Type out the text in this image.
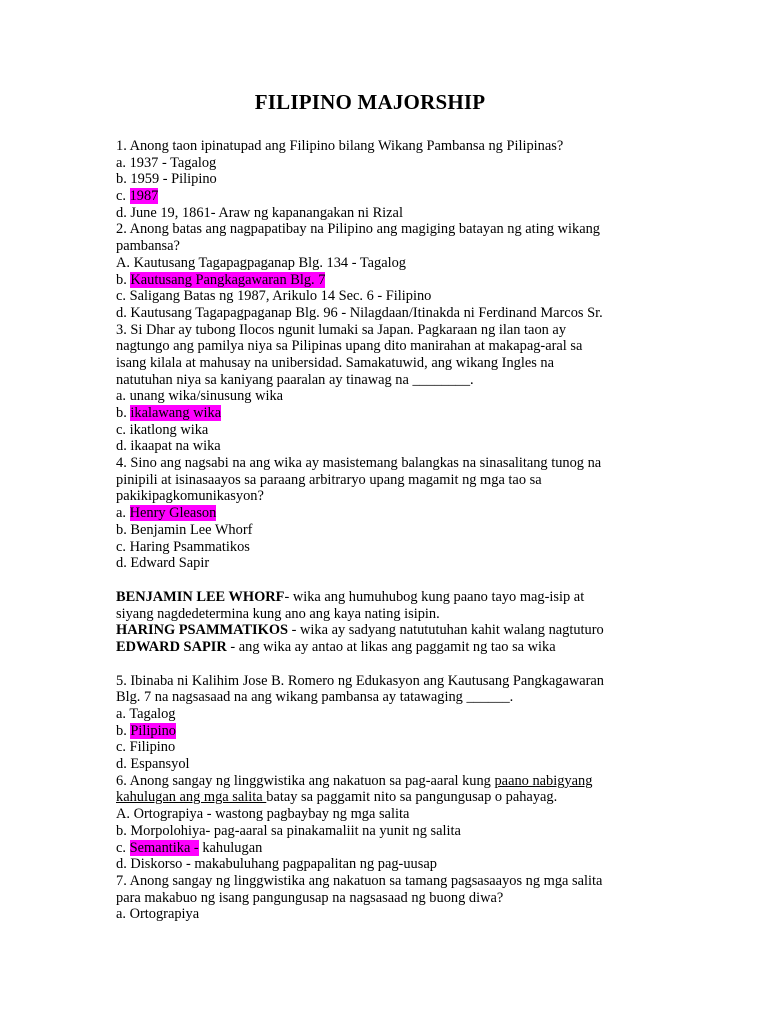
FILIPINO MAJORSHIP
1. Anong taon ipinatupad ang Filipino bilang Wikang Pambansa ng Pilipinas?
a. 1937 - Tagalog
b. 1959 - Pilipino
c. 1987
d. June 19, 1861- Araw ng kapanangakan ni Rizal
2. Anong batas ang nagpapatibay na Pilipino ang magiging batayan ng ating wikang
pambansa?
A. Kautusang Tagapagpaganap Blg. 134 - Tagalog
b. Kautusang Pangkagawaran Blg. 7
c. Saligang Batas ng 1987, Arikulo 14 Sec. 6 - Filipino
d. Kautusang Tagapagpaganap Blg. 96 - Nilagdaan/Itinakda ni Ferdinand Marcos Sr.
3. Si Dhar ay tubong Ilocos ngunit lumaki sa Japan. Pagkaraan ng ilan taon ay
nagtungo ang pamilya niya sa Pilipinas upang dito manirahan at makapag-aral sa
isang kilala at mahusay na unibersidad. Samakatuwid, ang wikang Ingles na
natutuhan niya sa kaniyang paaralan ay tinawag na ________.
a. unang wika/sinusung wika
b. ikalawang wika
c. ikatlong wika
d. ikaapat na wika
4. Sino ang nagsabi na ang wika ay masistemang balangkas na sinasalitang tunog na
pinipili at isinasaayos sa paraang arbitraryo upang magamit ng mga tao sa
pakikipagkomunikasyon?
a. Henry Gleason
b. Benjamin Lee Whorf
c. Haring Psammatikos
d. Edward Sapir
BENJAMIN LEE WHORF- wika ang humuhubog kung paano tayo mag-isip at
siyang nagdedetermina kung ano ang kaya nating isipin.
HARING PSAMMATIKOS - wika ay sadyang natututuhan kahit walang nagtuturo
EDWARD SAPIR - ang wika ay antao at likas ang paggamit ng tao sa wika
5. Ibinaba ni Kalihim Jose B. Romero ng Edukasyon ang Kautusang Pangkagawaran
Blg. 7 na nagsasaad na ang wikang pambansa ay tatawaging ______.
a. Tagalog
b. Pilipino
c. Filipino
d. Espansyol
6. Anong sangay ng linggwistika ang nakatuon sa pag-aaral kung paano nabigyang
kahulugan ang mga salita batay sa paggamit nito sa pangungusap o pahayag.
A. Ortograpiya - wastong pagbaybay ng mga salita
b. Morpolohiya- pag-aaral sa pinakamaliit na yunit ng salita
c. Semantika - kahulugan
d. Diskorso - makabuluhang pagpapalitan ng pag-uusap
7. Anong sangay ng linggwistika ang nakatuon sa tamang pagsasaayos ng mga salita
para makabuo ng isang pangungusap na nagsasaad ng buong diwa?
a. Ortograpiya
